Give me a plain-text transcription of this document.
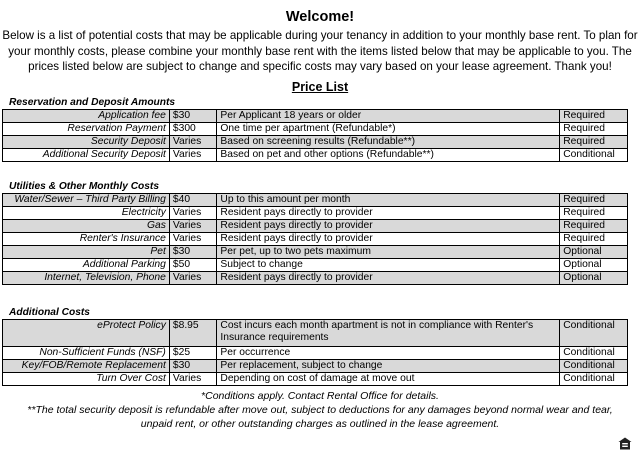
Welcome!
Below is a list of potential costs that may be applicable during your tenancy in addition to your monthly base rent. To plan for
your monthly costs, please combine your monthly base rent with the items listed below that may be applicable to you. The
prices listed below are subject to change and specific costs may vary based on your lease agreement. Thank you!
Price List
Reservation and Deposit Amounts
Application fee	$30	Per Applicant 18 years or older	Required
Reservation Payment	$300	One time per apartment (Refundable*)	Required
Security Deposit	Varies	Based on screening results (Refundable**)	Required
Additional Security Deposit	Varies	Based on pet and other options (Refundable**)	Conditional
Utilities & Other Monthly Costs
Water/Sewer – Third Party Billing	$40	Up to this amount per month	Required
Electricity	Varies	Resident pays directly to provider	Required
Gas	Varies	Resident pays directly to provider	Required
Renter's Insurance	Varies	Resident pays directly to provider	Required
Pet	$30	Per pet, up to two pets maximum	Optional
Additional Parking	$50	Subject to change	Optional
Internet, Television, Phone	Varies	Resident pays directly to provider	Optional
Additional Costs
eProtect Policy	$8.95	Cost incurs each month apartment is not in compliance with Renter's Insurance requirements	Conditional
Non-Sufficient Funds (NSF)	$25	Per occurrence	Conditional
Key/FOB/Remote Replacement	$30	Per replacement, subject to change	Conditional
Turn Over Cost	Varies	Depending on cost of damage at move out	Conditional
*Conditions apply. Contact Rental Office for details.
**The total security deposit is refundable after move out, subject to deductions for any damages beyond normal wear and tear,
unpaid rent, or other outstanding charges as outlined in the lease agreement.
